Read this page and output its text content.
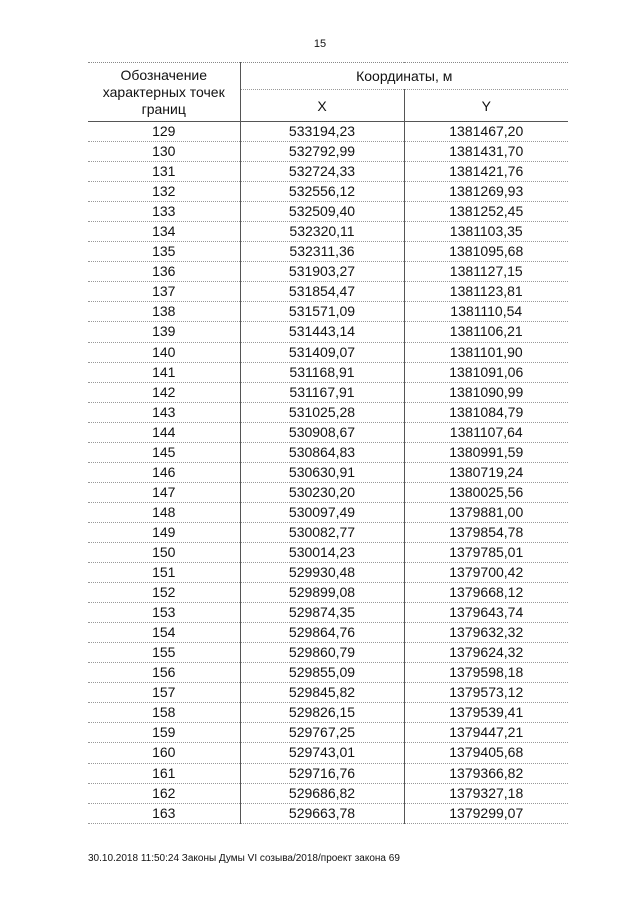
15
Обозначение характерных точек границ	Координаты, м	
	X	Y
129	533194,23	1381467,20
130	532792,99	1381431,70
131	532724,33	1381421,76
132	532556,12	1381269,93
133	532509,40	1381252,45
134	532320,11	1381103,35
135	532311,36	1381095,68
136	531903,27	1381127,15
137	531854,47	1381123,81
138	531571,09	1381110,54
139	531443,14	1381106,21
140	531409,07	1381101,90
141	531168,91	1381091,06
142	531167,91	1381090,99
143	531025,28	1381084,79
144	530908,67	1381107,64
145	530864,83	1380991,59
146	530630,91	1380719,24
147	530230,20	1380025,56
148	530097,49	1379881,00
149	530082,77	1379854,78
150	530014,23	1379785,01
151	529930,48	1379700,42
152	529899,08	1379668,12
153	529874,35	1379643,74
154	529864,76	1379632,32
155	529860,79	1379624,32
156	529855,09	1379598,18
157	529845,82	1379573,12
158	529826,15	1379539,41
159	529767,25	1379447,21
160	529743,01	1379405,68
161	529716,76	1379366,82
162	529686,82	1379327,18
163	529663,78	1379299,07
30.10.2018 11:50:24 Законы Думы VI созыва/2018/проект закона 69
